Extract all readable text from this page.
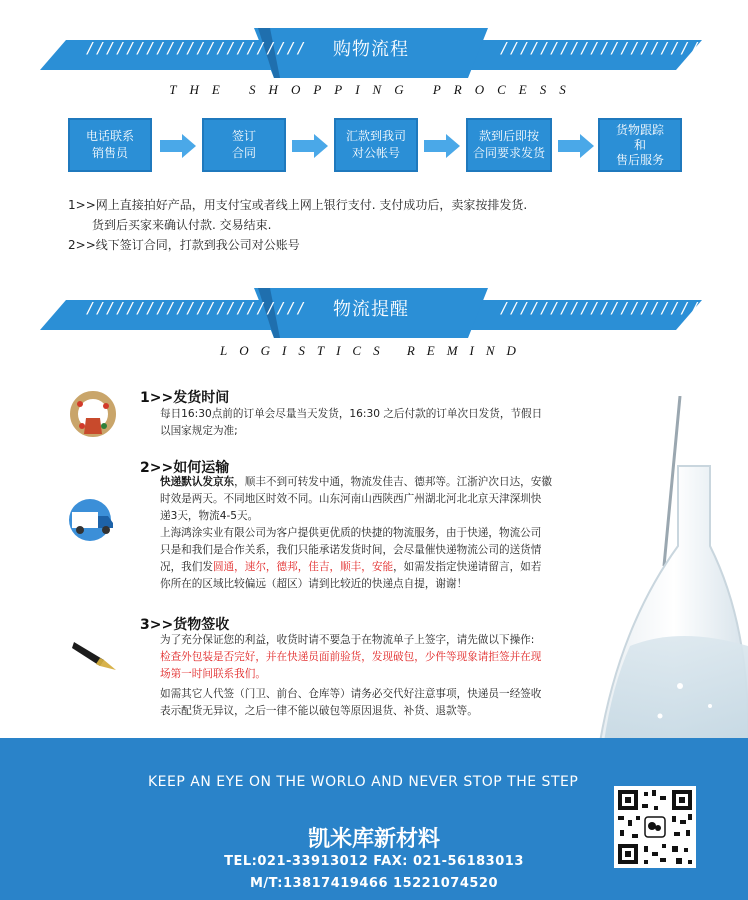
//////////////////////	//////////////////////
购物流程
THE SHOPPING PROCESS
电话联系
销售员
签订
合同
汇款到我司
对公帐号
款到后即按
合同要求发货
货物跟踪
和
售后服务
1>>网上直接拍好产品，用支付宝或者线上网上银行支付. 支付成功后，卖家按排发货.
货到后买家来确认付款. 交易结束.
2>>线下签订合同，打款到我公司对公账号
//////////////////////	//////////////////////
物流提醒
LOGISTICS REMIND
1>>发货时间
每日16:30点前的订单会尽量当天发货，16:30 之后付款的订单次日发货，节假日
以国家规定为准;
2>>如何运输
快递默认发京东，顺丰不到可转发中通，物流发佳吉、德邦等。江浙沪次日达，安徽
时效是两天。不同地区时效不同。山东河南山西陕西广州湖北河北北京天津深圳快
递3天，物流4-5天。
上海鸿涂实业有限公司为客户提供更优质的快捷的物流服务，由于快递，物流公司
只是和我们是合作关系，我们只能承诺发货时间，会尽量催快递物流公司的送货情
况，我们发圆通，速尔，德邦，佳吉，顺丰，安能，如需发指定快递请留言，如若
你所在的区域比较偏远（超区）请到比较近的快递点自提，谢谢！
3>>货物签收
为了充分保证您的利益，收货时请不要急于在物流单子上签字，请先做以下操作:
检查外包装是否完好，并在快递员面前验货，发现破包，少件等现象请拒签并在现
场第一时间联系我们。
如需其它人代签（门卫、前台、仓库等）请务必交代好注意事项，快递员一经签收
表示配货无异议，之后一律不能以破包等原因退货、补货、退款等。
KEEP AN EYE ON THE WORLO AND NEVER STOP THE STEP
凯米库新材料
TEL:021-33913012 FAX: 021-56183013
M/T:13817419466 15221074520
